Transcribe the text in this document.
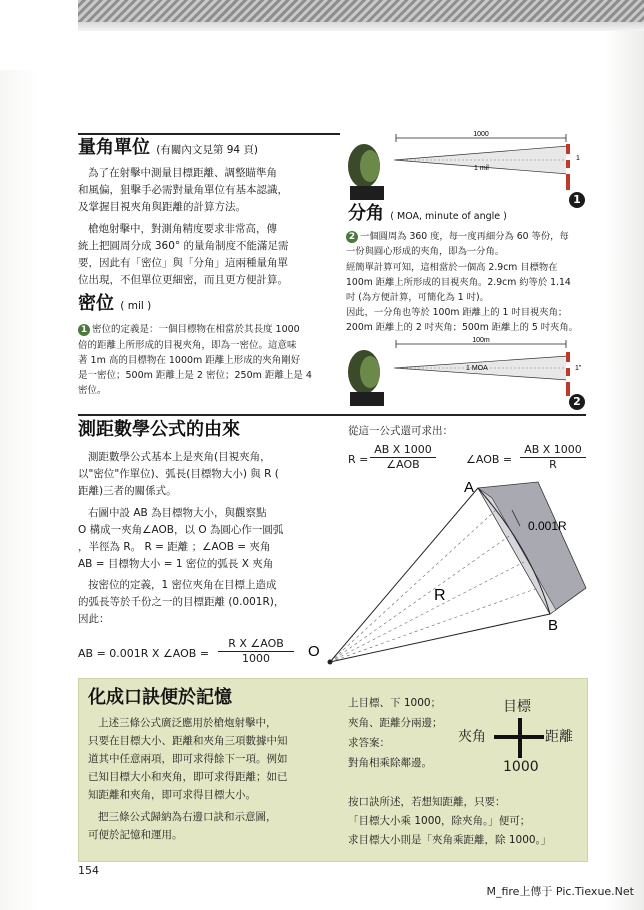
量角單位 (有關內文見第 94 頁)
為了在射擊中測量目標距離、調整瞄準角
和風偏，狙擊手必需對量角單位有基本認識，
及掌握目視夾角與距離的計算方法。
槍炮射擊中，對測角精度要求非常高，傳
統上把圓周分成 360° 的量角制度不能滿足需
要，因此有「密位」與「分角」這兩種量角單
位出現，不但單位更細密，而且更方便計算。
密位 ( mil )
1 密位的定義是：一個目標物在相當於其長度 1000
倍的距離上所形成的目視夾角，即為一密位。這意味
著 1m 高的目標物在 1000m 距離上形成的夾角剛好
是一密位；500m 距離上是 2 密位；250m 距離上是 4
密位。
1000
1 mil
1
1
分角 ( MOA, minute of angle )
2 一個圓周為 360 度，每一度再細分為 60 等份，每
一份與圓心形成的夾角，即為一分角。
經簡單計算可知，這相當於一個高 2.9cm 目標物在
100m 距離上所形成的目視夾角。2.9cm 約等於 1.14
吋 (為方便計算，可簡化為 1 吋)。
因此，一分角也等於 100m 距離上的 1 吋目視夾角；
200m 距離上的 2 吋夾角；500m 距離上的 5 吋夾角。
100m
1 MOA	1"
2
測距數學公式的由來
測距數學公式基本上是夾角(目視夾角，
以"密位"作單位)、弧長(目標物大小) 與 R (
距離)三者的關係式。
右圖中設 AB 為目標物大小，與觀察點
O 構成一夾角∠AOB，以 O 為圓心作一圓弧
，半徑為 R。 R = 距離 ；∠AOB = 夾角
AB = 目標物大小 = 1 密位的弧長 X 夾角
按密位的定義，1 密位夾角在目標上造成
的弧長等於千份之一的目標距離 (0.001R)，
因此：
AB = 0.001R X ∠AOB =
R X ∠AOB
1000
從這一公式還可求出：
R =
AB X 1000
∠AOB	∠AOB = $\frac{\text{AB X 1000}}{R}$
A
B
O
R
0.001R
化成口訣便於記憶
上述三條公式廣泛應用於槍炮射擊中，
只要在目標大小、距離和夾角三項數據中知
道其中任意兩項，即可求得餘下一項。例如
已知目標大小和夾角，即可求得距離；如已
知距離和夾角，即可求得目標大小。
把三條公式歸納為右邊口訣和示意圖，
可便於記憶和運用。
上目標、下 1000；
夾角、距離分兩邊；
求答案：
對角相乘除鄰邊。
目標
夾角	距離
1000
按口訣所述，若想知距離，只要：
「目標大小乘 1000，除夾角。」便可；
求目標大小則是「夾角乘距離，除 1000。」
154
M_fire上傳于 Pic.Tiexue.Net
